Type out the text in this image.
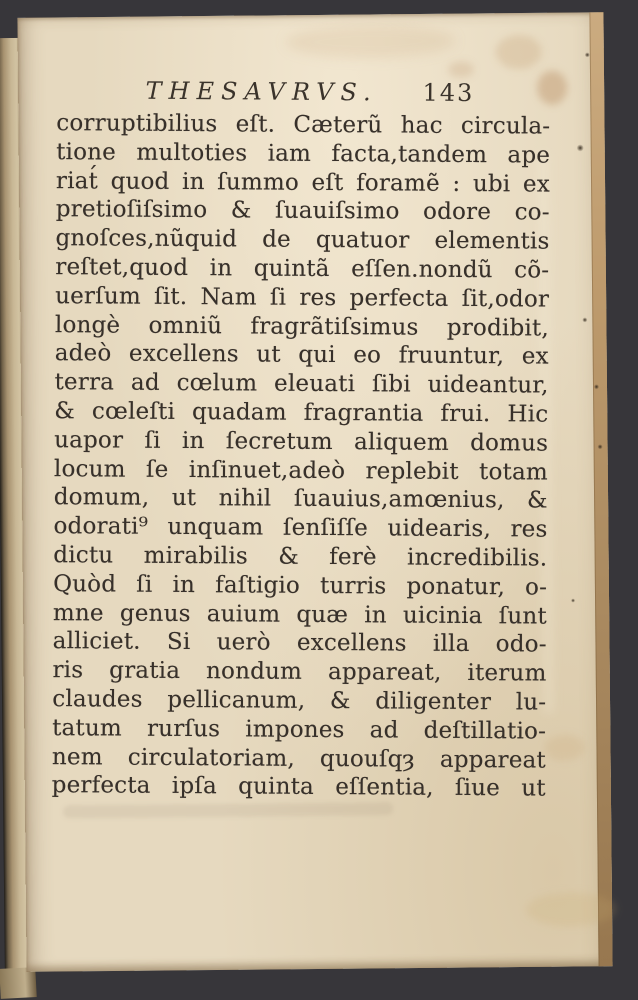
THESAVRVS. 143
corruptibilius eſt. Cæterũ hac circula-
tione multoties iam facta,tandem ape
riat́ quod in ſummo eſt foramẽ : ubi ex
pretioſiſsimo & ſuauiſsimo odore co-
gnoſces,nũquid de quatuor elementis
reſtet,quod in quintã eſſen.nondũ cõ-
uerſum ſit. Nam ſi res perfecta ſit,odor
longè omniũ fragrãtiſsimus prodibit,
adeò excellens ut qui eo fruuntur, ex
terra ad cœlum eleuati ſibi uideantur,
& cœleſti quadam fragrantia frui. Hic
uapor ſi in ſecretum aliquem domus
locum ſe inſinuet,adeò replebit totam
domum, ut nihil ſuauius,amœnius, &
odorati⁹ unquam ſenſiſſe uidearis, res
dictu mirabilis & ferè incredibilis.
Quòd ſi in faſtigio turris ponatur, o-
mne genus auium quæ in uicinia ſunt
alliciet. Si uerò excellens illa odo-
ris gratia nondum appareat, iterum
claudes pellicanum, & diligenter lu-
tatum rurſus impones ad deſtillatio-
nem circulatoriam, quouſqȝ appareat
perfecta ipſa quinta eſſentia, ſiue ut
